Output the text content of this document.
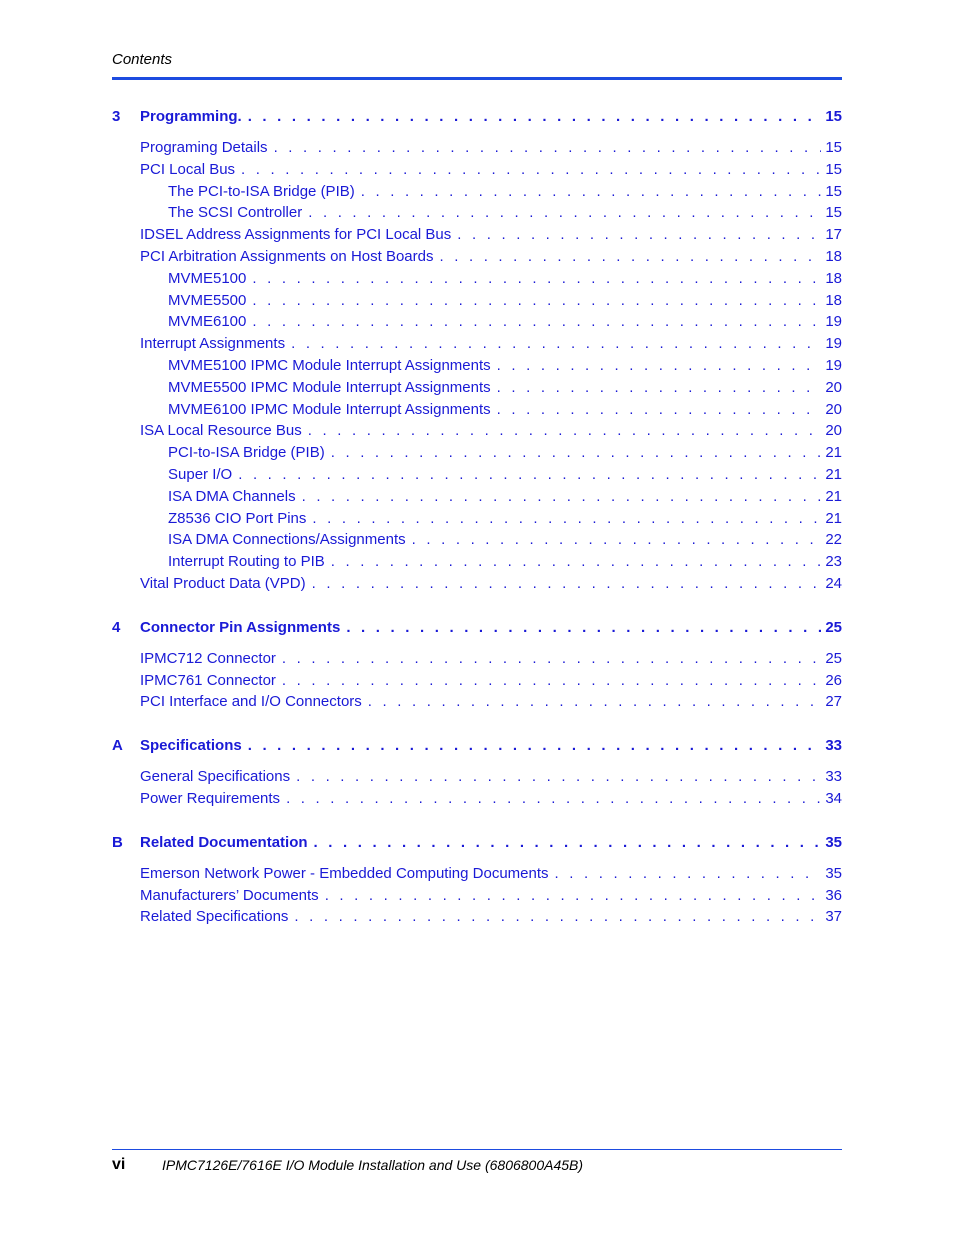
Contents
3	Programming. . . .	15
Programing Details . . .	15
PCI Local Bus . . .	15
The PCI-to-ISA Bridge (PIB) . . .	15
The SCSI Controller . . .	15
IDSEL Address Assignments for PCI Local Bus . . .	17
PCI Arbitration Assignments on Host Boards . . .	18
MVME5100 . . .	18
MVME5500 . . .	18
MVME6100 . . .	19
Interrupt Assignments . . .	19
MVME5100 IPMC Module Interrupt Assignments . . .	19
MVME5500 IPMC Module Interrupt Assignments . . .	20
MVME6100 IPMC Module Interrupt Assignments . . .	20
ISA Local Resource Bus . . .	20
PCI-to-ISA Bridge (PIB) . . .	21
Super I/O . . .	21
ISA DMA Channels . . .	21
Z8536 CIO Port Pins . . .	21
ISA DMA Connections/Assignments . . .	22
Interrupt Routing to PIB . . .	23
Vital Product Data (VPD) . . .	24
4	Connector Pin Assignments . . .	25
IPMC712 Connector . . .	25
IPMC761 Connector . . .	26
PCI Interface and I/O Connectors . . .	27
A	Specifications . . .	33
General Specifications . . .	33
Power Requirements . . .	34
B	Related Documentation . . .	35
Emerson Network Power - Embedded Computing Documents . . .	35
Manufacturers’ Documents . . .	36
Related Specifications . . .	37
vi	IPMC7126E/7616E I/O Module Installation and Use (6806800A45B)
